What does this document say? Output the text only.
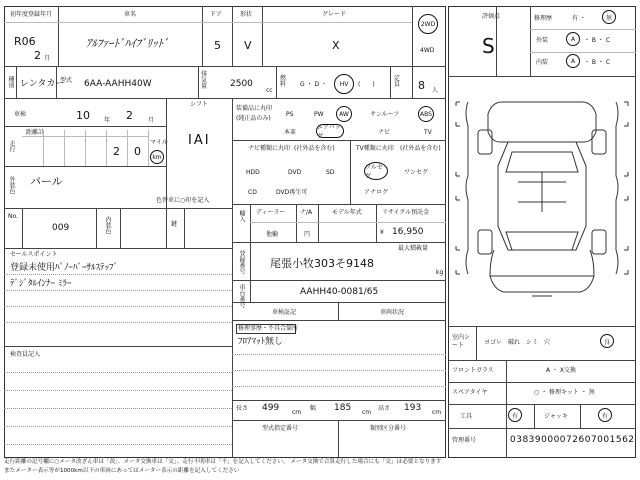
初年度登録年月
R06
2 月
車名
ｱﾙﾌｧｰﾄﾞﾊｲﾌﾞﾘｯﾄﾞ
ドア
5
形状
V
グレード
X
2WD
4WD
種別 レンタカー
型式 6AA-AAHH40W
排気量	2500
cc
燃料	G ・ D ・ HV (　　)
定員 8 人
車検	10 年 2	月
シフト
IAI
走行
距離計
2 0
マイル
km
外装色 パール
色替車に○印を記入
No.
009	内装色	鍵
セールスポイント
登録未使用ﾊﾟﾉｰﾊﾞｰｻﾙｽﾃｯﾌﾟ
ﾃﾞｼﾞﾀﾙｲﾝﾅｰ ﾐﾗｰ
検査員記入
装備品に丸印
(純正品のみ)
PS	PW	AW	サンルーフ	ABS
本革
エアバッグ
ナビ	TV
ナビ種類に丸印 (社外品を含む)
HDD	DVD	SD
CD	DVD再生可
TV種類に丸印 (社外品を含む)
フルセグ
ワンセグ
アナログ
輸入 ディーラー ナ/A	モデル年式	リサイクル預託金
他輸	円	¥ 16,950
登録番号 尾張小牧303そ9148
最大積載量
kg
車台番号	AAHH40-0081/65
車検証記	車両状況
修理事歴・不具合箇所
ﾌﾛｱﾏｯﾄ無し
長さ 499 cm
幅 185 cm
高さ 193 cm
型式指定番号	類別区分番号
評価点
S
修理歴	有 ・	無
外装	A ・ B ・ C
内装	A ・ B ・ C
室内シート	ヨゴレ　破れ　シミ　穴　　	良
フロントガラス	A ・ X交換
スペアタイヤ	○ ・ 修理キット ・ 無
工具	有	ジャッキ	有
管理番号	03839000072607001562
走行距離の記号欄に○メータ改ざん車は「改」、メータ交換車は「交」、走行不明車は「不」を記入してください。 メータ交換で合算走行した場合にも「交」は必要となります
またメーター表示等が1000km以下の車両にあってはメーター表示の距離を記入してください
